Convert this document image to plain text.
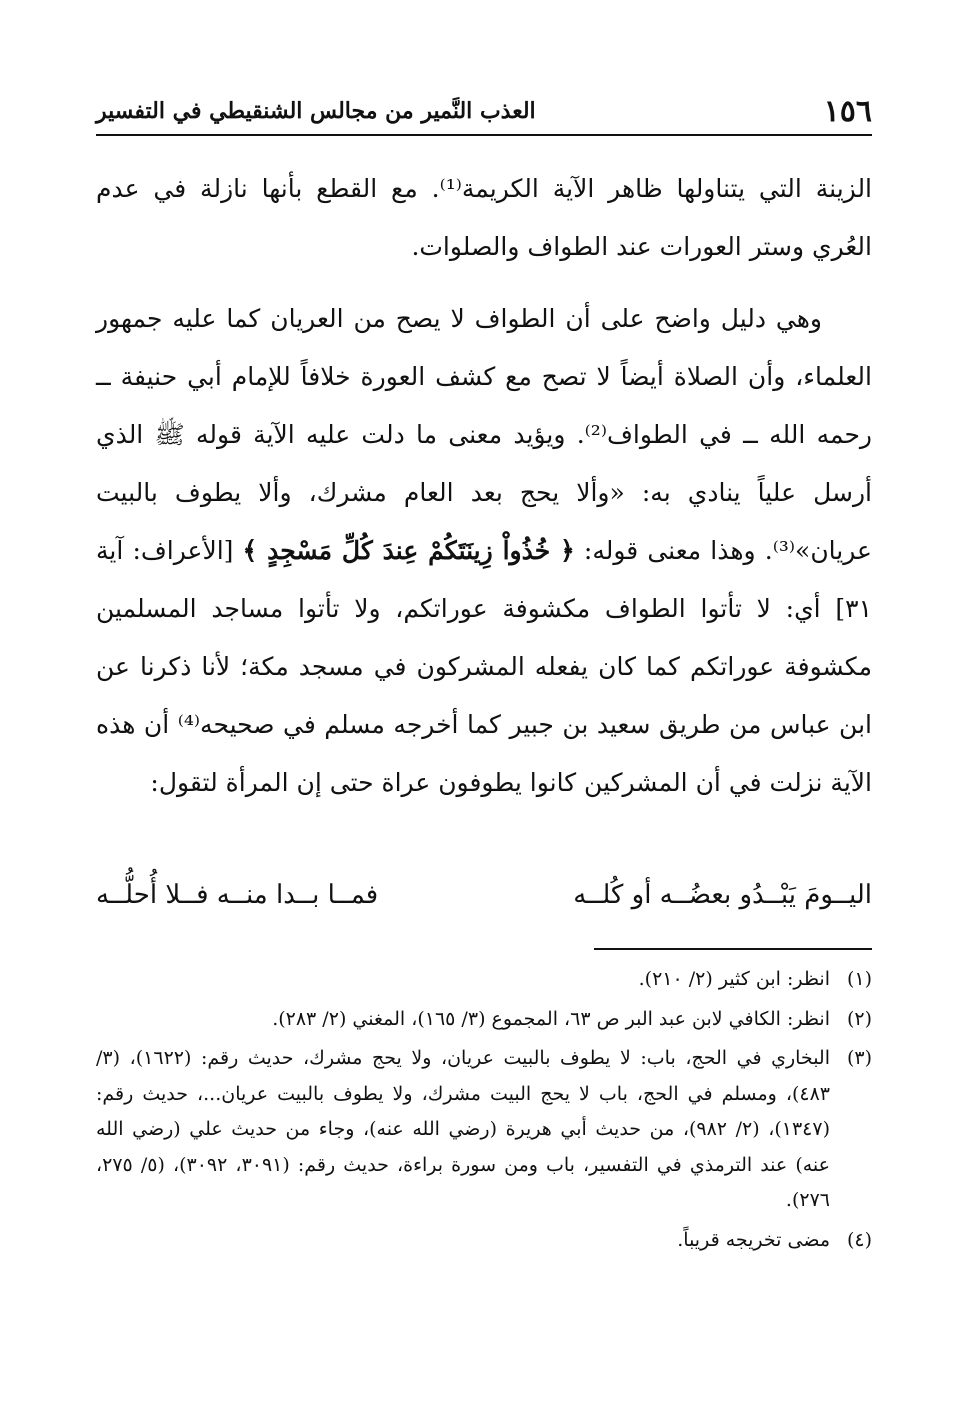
١٥٦
العذب النَّمير من مجالس الشنقيطي في التفسير

الزينة التي يتناولها ظاهر الآية الكريمة⁽¹⁾. مع القطع بأنها نازلة في عدم العُري وستر العورات عند الطواف والصلوات.

وهي دليل واضح على أن الطواف لا يصح من العريان كما عليه جمهور العلماء، وأن الصلاة أيضاً لا تصح مع كشف العورة خلافاً للإمام أبي حنيفة ــ رحمه الله ــ في الطواف⁽²⁾. ويؤيد معنى ما دلت عليه الآية قوله ﷺ الذي أرسل علياً ينادي به: «وألا يحج بعد العام مشرك، وألا يطوف بالبيت عريان»⁽³⁾. وهذا معنى قوله: ﴿ خُذُواْ زِينَتَكُمْ عِندَ كُلِّ مَسْجِدٍ ﴾ [الأعراف: آية ٣١] أي: لا تأتوا الطواف مكشوفة عوراتكم، ولا تأتوا مساجد المسلمين مكشوفة عوراتكم كما كان يفعله المشركون في مسجد مكة؛ لأنا ذكرنا عن ابن عباس من طريق سعيد بن جبير كما أخرجه مسلم في صحيحه⁽⁴⁾ أن هذه الآية نزلت في أن المشركين كانوا يطوفون عراة حتى إن المرأة لتقول:

اليــومَ يَبْــدُو بعضُــه أو كُلــه
فمــا بــدا منــه فــلا أُحلُّــه
(١)
انظر: ابن كثير (٢/ ٢١٠).
(٢)
انظر: الكافي لابن عبد البر ص ٦٣، المجموع (٣/ ١٦٥)، المغني (٢/ ٢٨٣).
(٣)
البخاري في الحج، باب: لا يطوف بالبيت عريان، ولا يحج مشرك، حديث رقم: (١٦٢٢)، (٣/ ٤٨٣)، ومسلم في الحج، باب لا يحج البيت مشرك، ولا يطوف بالبيت عريان...، حديث رقم: (١٣٤٧)، (٢/ ٩٨٢)، من حديث أبي هريرة (رضي الله عنه)، وجاء من حديث علي (رضي الله عنه) عند الترمذي في التفسير، باب ومن سورة براءة، حديث رقم: (٣٠٩١، ٣٠٩٢)، (٥/ ٢٧٥، ٢٧٦).
(٤)
مضى تخريجه قريباً.
